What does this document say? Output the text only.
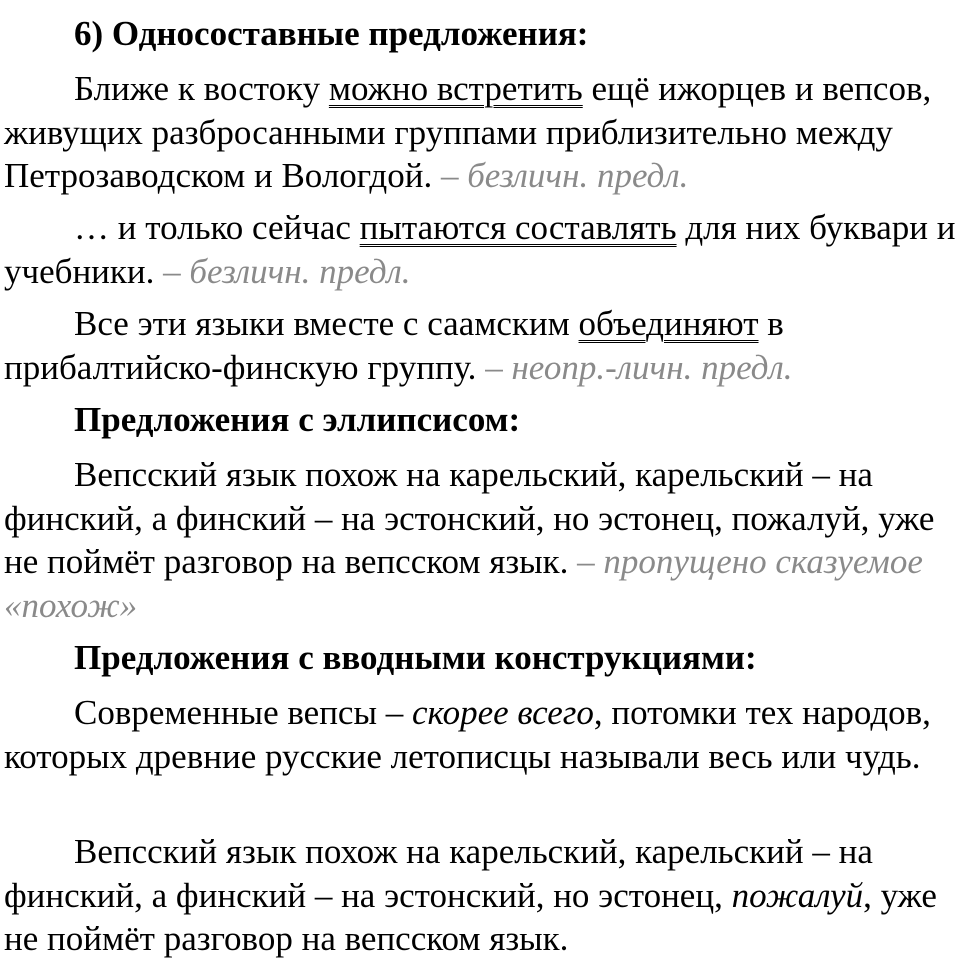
6) Односоставные предложения:

Ближе к востоку можно встретить ещё ижорцев и вепсов, живущих разбросанными группами приблизительно между Петрозаводском и Вологдой. – безличн. предл.

… и только сейчас пытаются составлять для них буквари и учебники. – безличн. предл.

Все эти языки вместе с саамским объединяют в прибалтийско-финскую группу. – неопр.-личн. предл.

Предложения с эллипсисом:

Вепсский язык похож на карельский, карельский – на финский, а финский – на эстонский, но эстонец, пожалуй, уже не поймёт разговор на вепсском язык. – пропущено сказуемое «похож»

Предложения с вводными конструкциями:

Современные вепсы – скорее всего, потомки тех народов, которых древние русские летописцы называли весь или чудь.

Вепсский язык похож на карельский, карельский – на финский, а финский – на эстонский, но эстонец, пожалуй, уже не поймёт разговор на вепсском язык.
